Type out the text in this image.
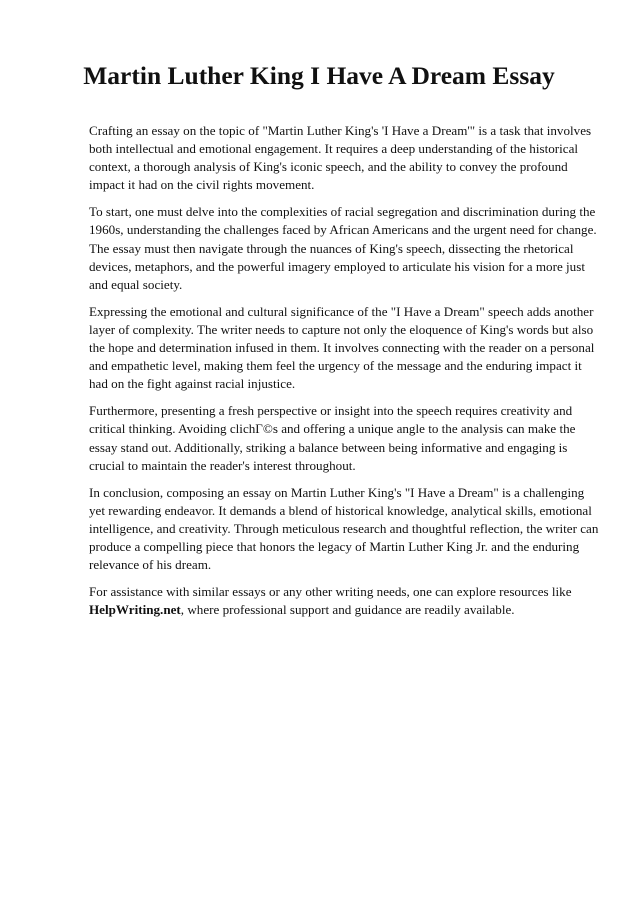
Martin Luther King I Have A Dream Essay

Crafting an essay on the topic of "Martin Luther King's 'I Have a Dream'" is a task that involves both intellectual and emotional engagement. It requires a deep understanding of the historical context, a thorough analysis of King's iconic speech, and the ability to convey the profound impact it had on the civil rights movement.

To start, one must delve into the complexities of racial segregation and discrimination during the 1960s, understanding the challenges faced by African Americans and the urgent need for change. The essay must then navigate through the nuances of King's speech, dissecting the rhetorical devices, metaphors, and the powerful imagery employed to articulate his vision for a more just and equal society.

Expressing the emotional and cultural significance of the "I Have a Dream" speech adds another layer of complexity. The writer needs to capture not only the eloquence of King's words but also the hope and determination infused in them. It involves connecting with the reader on a personal and empathetic level, making them feel the urgency of the message and the enduring impact it had on the fight against racial injustice.

Furthermore, presenting a fresh perspective or insight into the speech requires creativity and critical thinking. Avoiding clichΓ©s and offering a unique angle to the analysis can make the essay stand out. Additionally, striking a balance between being informative and engaging is crucial to maintain the reader's interest throughout.

In conclusion, composing an essay on Martin Luther King's "I Have a Dream" is a challenging yet rewarding endeavor. It demands a blend of historical knowledge, analytical skills, emotional intelligence, and creativity. Through meticulous research and thoughtful reflection, the writer can produce a compelling piece that honors the legacy of Martin Luther King Jr. and the enduring relevance of his dream.

For assistance with similar essays or any other writing needs, one can explore resources like HelpWriting.net, where professional support and guidance are readily available.
